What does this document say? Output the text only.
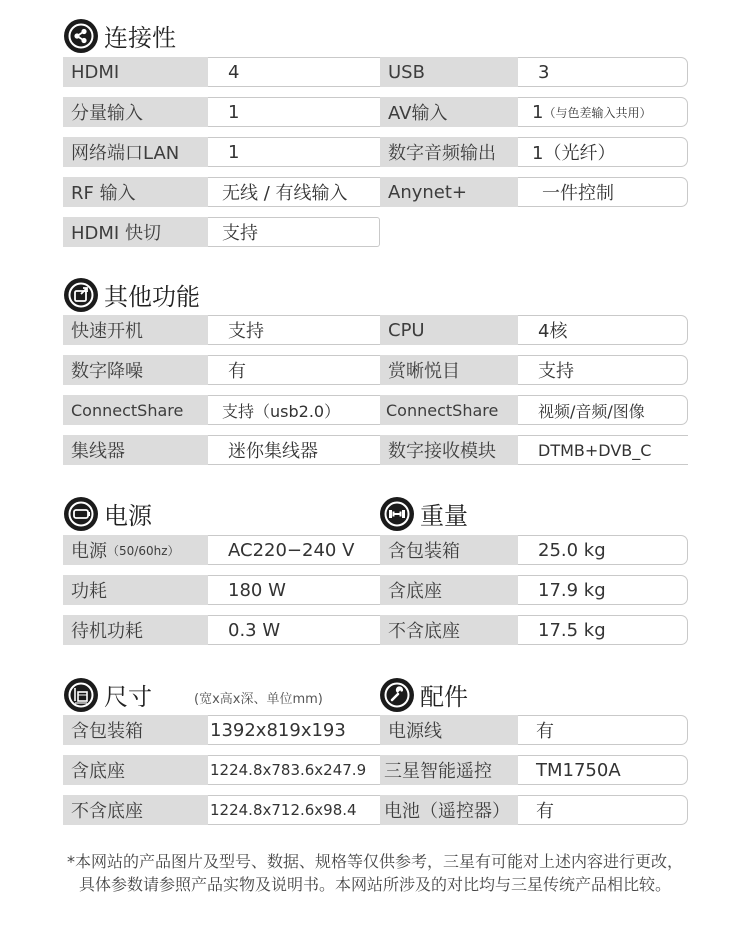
连接性
HDMI	4	USB	3
分量输入	1	AV输入	1 （与色差输入共用）
网络端口LAN	1	数字音频输出	1（光纤）
RF 输入	无线 / 有线输入	Anynet+	一件控制
HDMI 快切	支持
其他功能
快速开机	支持	CPU	4核
数字降噪	有	赏晰悦目	支持
ConnectShare	支持（usb2.0）	ConnectShare	视频/音频/图像
集线器	迷你集线器	数字接收模块	DTMB+DVB_C
电源
电源 （50/60hz）	AC220−240 V
功耗	180 W
待机功耗	0.3 W
重量
含包装箱	25.0 kg
含底座	17.9 kg
不含底座	17.5 kg
尺寸	(宽x高x深、单位mm)
含包装箱	1392x819x193
含底座	1224.8x783.6x247.9
不含底座	1224.8x712.6x98.4
配件
电源线	有
三星智能遥控	TM1750A
电池（遥控器）	有
*本网站的产品图片及型号、数据、规格等仅供参考，三星有可能对上述内容进行更改，具体参数请参照产品实物及说明书。本网站所涉及的对比均与三星传统产品相比较。
